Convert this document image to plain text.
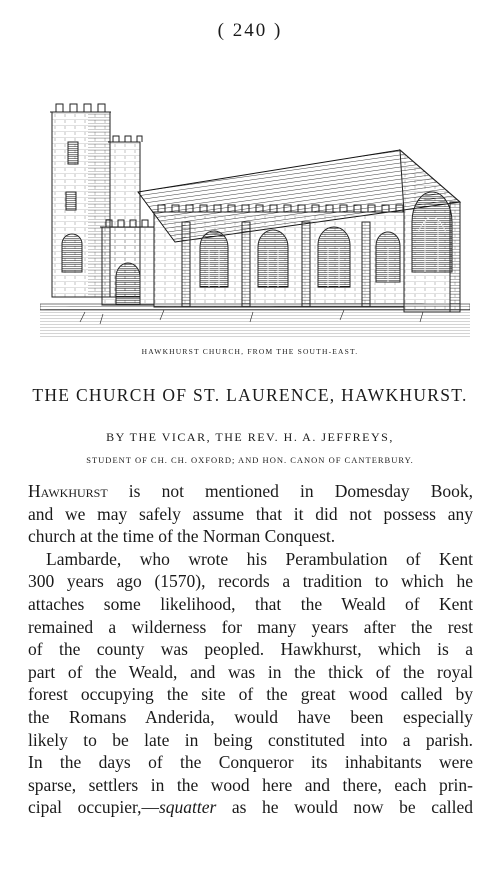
( 240 )
HAWKHURST CHURCH, FROM THE SOUTH-EAST.
THE CHURCH OF ST. LAURENCE, HAWKHURST.
BY THE VICAR, THE REV. H. A. JEFFREYS,
STUDENT OF CH. CH. OXFORD; AND HON. CANON OF CANTERBURY.
Hawkhurst is not mentioned in Domesday Book,
and we may safely assume that it did not possess any
church at the time of the Norman Conquest.
Lambarde, who wrote his Perambulation of Kent
300 years ago (1570), records a tradition to which he
attaches some likelihood, that the Weald of Kent
remained a wilderness for many years after the rest
of the county was peopled. Hawkhurst, which is a
part of the Weald, and was in the thick of the royal
forest occupying the site of the great wood called by
the Romans Anderida, would have been especially
likely to be late in being constituted into a parish.
In the days of the Conqueror its inhabitants were
sparse, settlers in the wood here and there, each prin-
cipal occupier,—squatter as he would now be called
